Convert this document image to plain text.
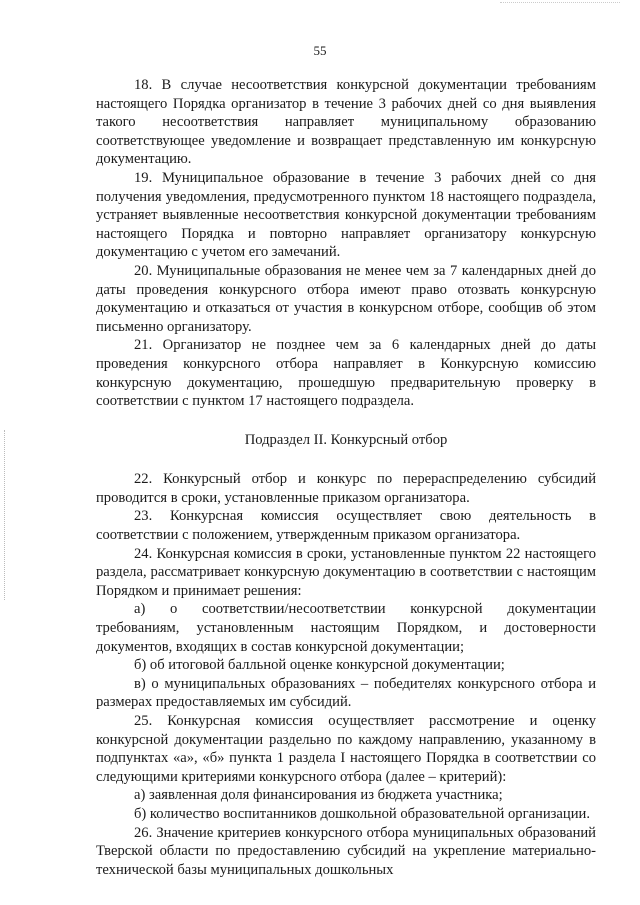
55

18. В случае несоответствия конкурсной документации требованиям настоящего Порядка организатор в течение 3 рабочих дней со дня выявления такого несоответствия направляет муниципальному образованию соответствующее уведомление и возвращает представленную им конкурсную документацию.

19. Муниципальное образование в течение 3 рабочих дней со дня получения уведомления, предусмотренного пунктом 18 настоящего подраздела, устраняет выявленные несоответствия конкурсной документации требованиям настоящего Порядка и повторно направляет организатору конкурсную документацию с учетом его замечаний.

20. Муниципальные образования не менее чем за 7 календарных дней до даты проведения конкурсного отбора имеют право отозвать конкурсную документацию и отказаться от участия в конкурсном отборе, сообщив об этом письменно организатору.

21. Организатор не позднее чем за 6 календарных дней до даты проведения конкурсного отбора направляет в Конкурсную комиссию конкурсную документацию, прошедшую предварительную проверку в соответствии с пунктом 17 настоящего подраздела.

Подраздел II. Конкурсный отбор

22. Конкурсный отбор и конкурс по перераспределению субсидий проводится в сроки, установленные приказом организатора.

23. Конкурсная комиссия осуществляет свою деятельность в соответствии с положением, утвержденным приказом организатора.

24. Конкурсная комиссия в сроки, установленные пунктом 22 настоящего раздела, рассматривает конкурсную документацию в соответствии с настоящим Порядком и принимает решения:

а) о соответствии/несоответствии конкурсной документации требованиям, установленным настоящим Порядком, и достоверности документов, входящих в состав конкурсной документации;

б) об итоговой балльной оценке конкурсной документации;

в) о муниципальных образованиях – победителях конкурсного отбора и размерах предоставляемых им субсидий.

25. Конкурсная комиссия осуществляет рассмотрение и оценку конкурсной документации раздельно по каждому направлению, указанному в подпунктах «а», «б» пункта 1 раздела I настоящего Порядка в соответствии со следующими критериями конкурсного отбора (далее – критерий):

а) заявленная доля финансирования из бюджета участника;

б) количество воспитанников дошкольной образовательной организации.

26. Значение критериев конкурсного отбора муниципальных образований Тверской области по предоставлению субсидий на укрепление материально-технической базы муниципальных дошкольных
